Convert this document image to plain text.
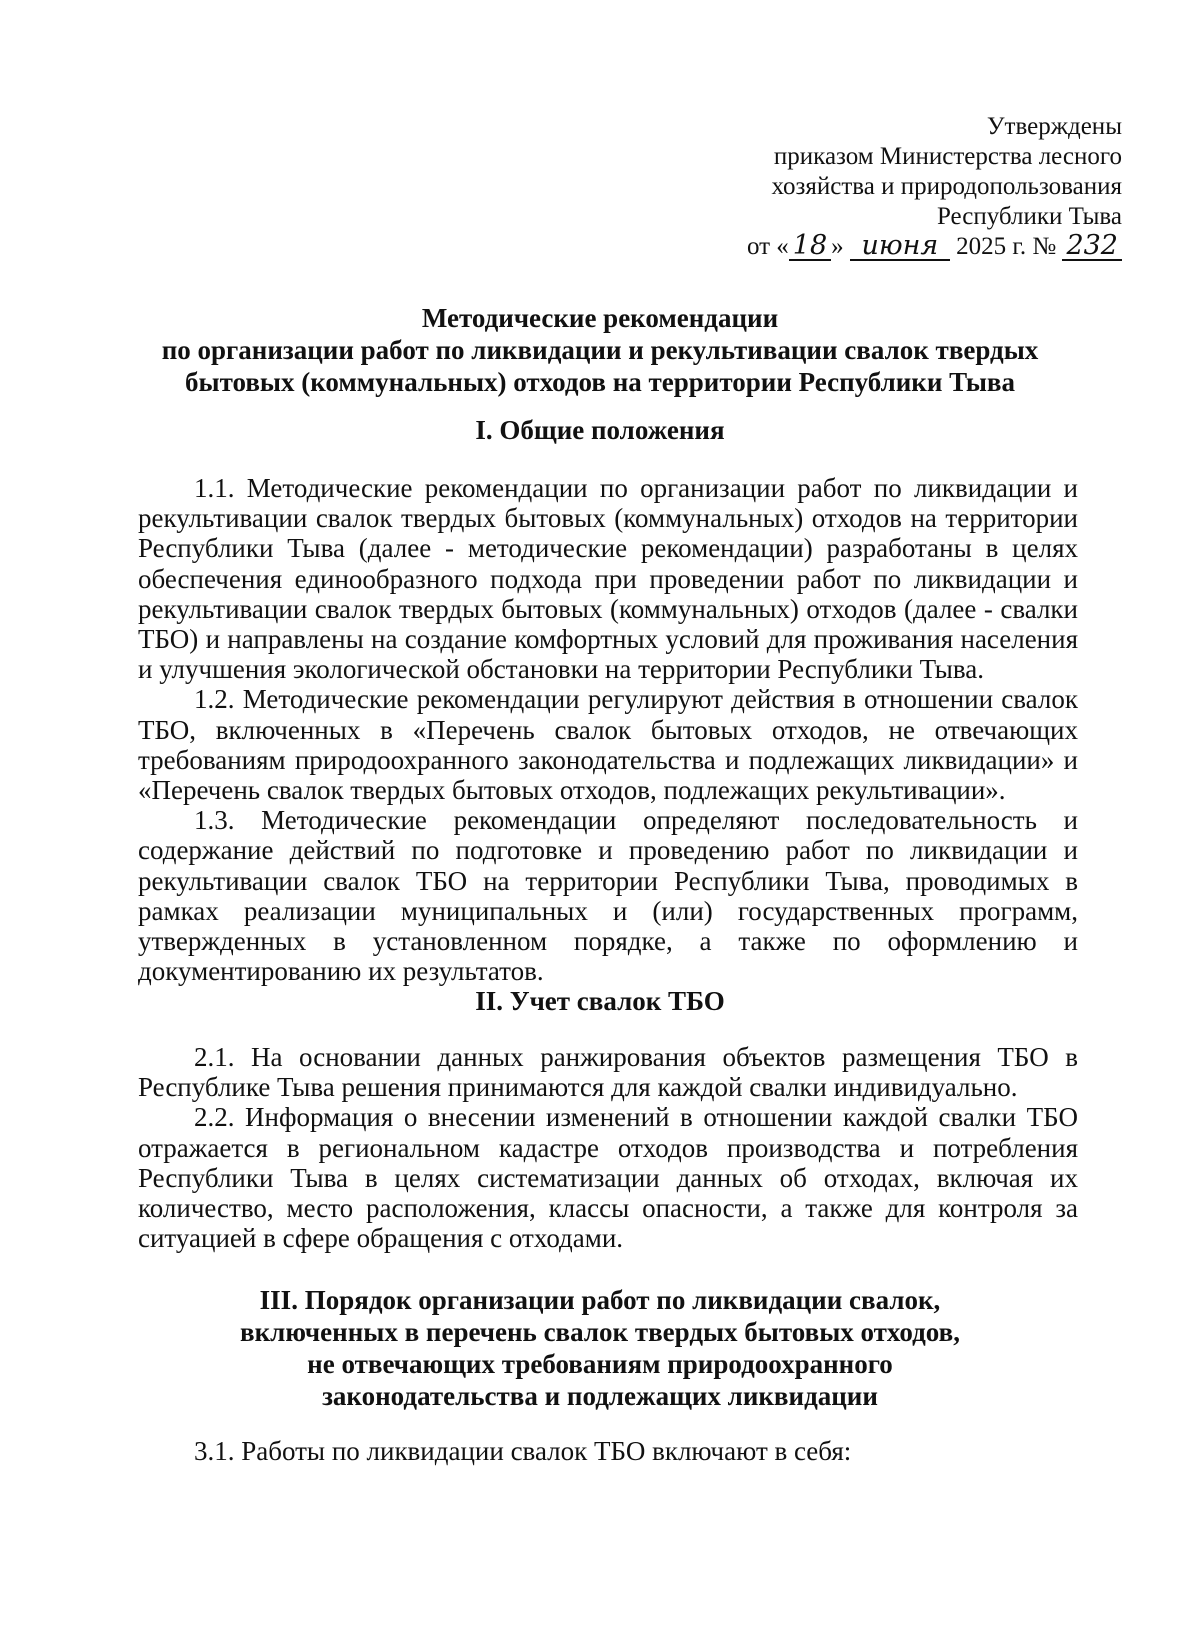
Утверждены
приказом Министерства лесного
хозяйства и природопользования
Республики Тыва
от « 18 » июня 2025 г. № 232
Методические рекомендации
по организации работ по ликвидации и рекультивации свалок твердых
бытовых (коммунальных) отходов на территории Республики Тыва
I. Общие положения

1.1. Методические рекомендации по организации работ по ликвидации и рекультивации свалок твердых бытовых (коммунальных) отходов на территории Республики Тыва (далее - методические рекомендации) разработаны в целях обеспечения единообразного подхода при проведении работ по ликвидации и рекультивации свалок твердых бытовых (коммунальных) отходов (далее - свалки ТБО) и направлены на создание комфортных условий для проживания населения и улучшения экологической обстановки на территории Республики Тыва.

1.2. Методические рекомендации регулируют действия в отношении свалок ТБО, включенных в «Перечень свалок бытовых отходов, не отвечающих требованиям природоохранного законодательства и подлежащих ликвидации» и «Перечень свалок твердых бытовых отходов, подлежащих рекультивации».

1.3. Методические рекомендации определяют последовательность и содержание действий по подготовке и проведению работ по ликвидации и рекультивации свалок ТБО на территории Республики Тыва, проводимых в рамках реализации муниципальных и (или) государственных программ, утвержденных в установленном порядке, а также по оформлению и документированию их результатов.

II. Учет свалок ТБО

2.1. На основании данных ранжирования объектов размещения ТБО в Республике Тыва решения принимаются для каждой свалки индивидуально.

2.2. Информация о внесении изменений в отношении каждой свалки ТБО отражается в региональном кадастре отходов производства и потребления Республики Тыва в целях систематизации данных об отходах, включая их количество, место расположения, классы опасности, а также для контроля за ситуацией в сфере обращения с отходами.

III. Порядок организации работ по ликвидации свалок,
включенных в перечень свалок твердых бытовых отходов,
не отвечающих требованиям природоохранного
законодательства и подлежащих ликвидации

3.1. Работы по ликвидации свалок ТБО включают в себя:
